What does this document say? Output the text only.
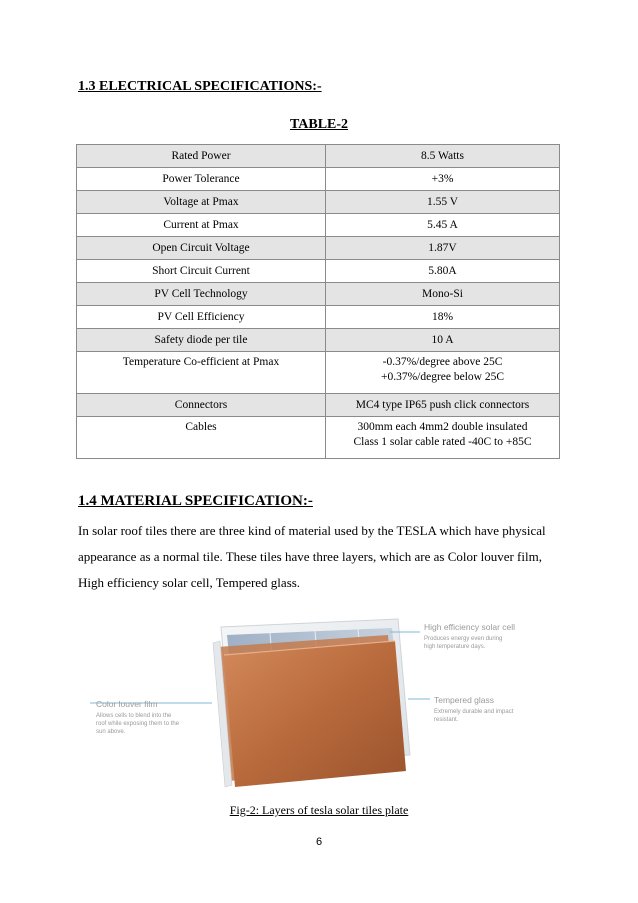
1.3 ELECTRICAL SPECIFICATIONS:-
TABLE-2
Rated Power	8.5 Watts

Power Tolerance	+3%

Voltage at Pmax	1.55 V

Current at Pmax	5.45 A

Open Circuit Voltage	1.87V

Short Circuit Current	5.80A

PV Cell Technology	Mono-Si

PV Cell Efficiency	18%

Safety diode per tile	10 A

Temperature Co-efficient at Pmax	-0.37%/degree above 25C
+0.37%/degree below 25C

Connectors	MC4 type IP65 push click connectors

Cables	300mm each 4mm2 double insulated
Class 1 solar cable rated -40C to +85C
1.4 MATERIAL SPECIFICATION:-

In solar roof tiles there are three kind of material used by the TESLA which have physical

appearance as a normal tile. These tiles have three layers, which are as Color louver film,

High efficiency solar cell, Tempered glass.

High efficiency solar cell
Produces energy even during
high temperature days.
Color louver film
Allows cells to blend into the
roof while exposing them to the
sun above.
Tempered glass
Extremely durable and impact
resistant.
Fig-2: Layers of tesla solar tiles plate
6
